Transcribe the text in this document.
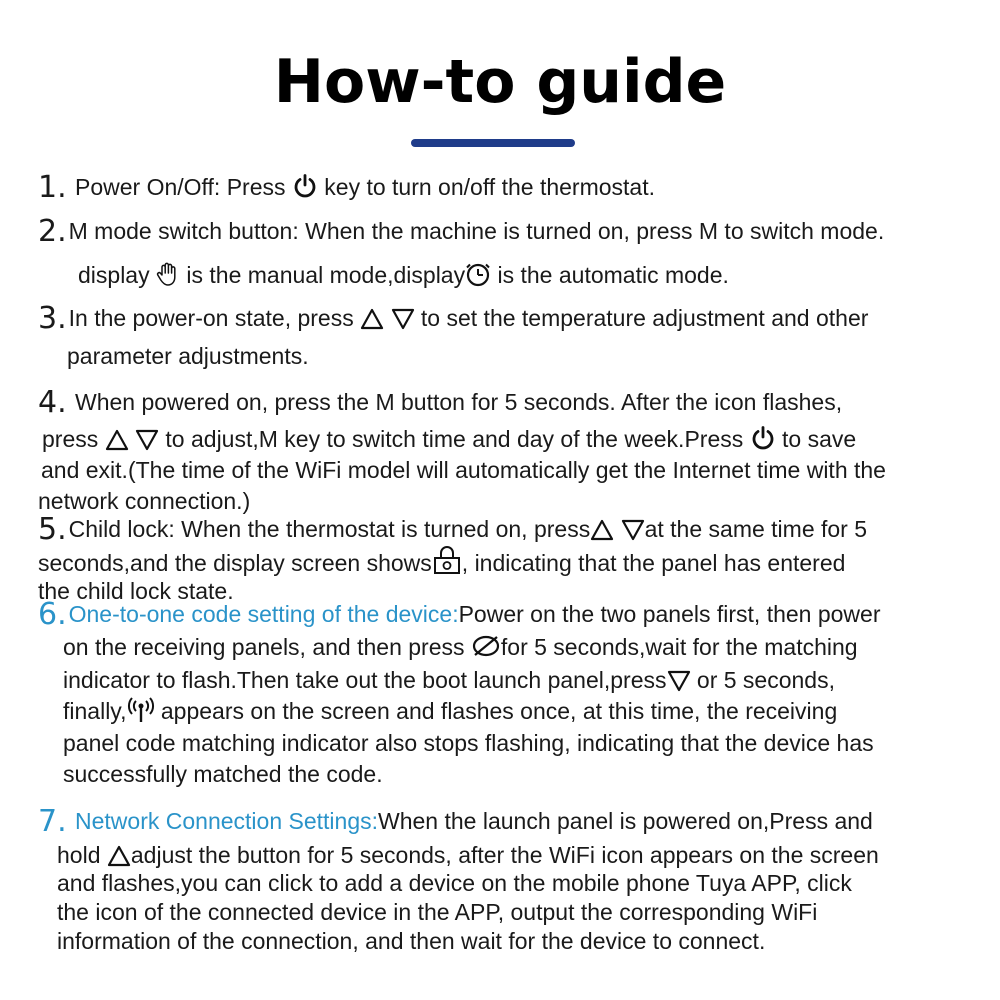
How-to guide
1. Power On/Off: Press key to turn on/off the thermostat.
2.M mode switch button: When the machine is turned on, press M to switch mode.
display is the manual mode,display is the automatic mode.
3.In the power-on state, press
	to set the temperature adjustment and other
parameter adjustments.
4. When powered on, press the M button for 5 seconds. After the icon flashes,
press
	to adjust,M key to switch time and day of the week.Press to save
and exit.(The time of the WiFi model will automatically get the Internet time with the
network connection.)
5.Child lock: When the thermostat is turned on, press
at the same time for 5
seconds,and the display screen shows , indicating that the panel has entered
the child lock state.
6.One-to-one code setting of the device:Power on the two panels first, then power
on the receiving panels, and then press for 5 seconds,wait for the matching
indicator to flash.Then take out the boot launch panel,press or 5 seconds,
finally, appears on the screen and flashes once, at this time, the receiving
panel code matching indicator also stops flashing, indicating that the device has
successfully matched the code.
7. Network Connection Settings:When the launch panel is powered on,Press and
hold adjust the button for 5 seconds, after the WiFi icon appears on the screen
and flashes,you can click to add a device on the mobile phone Tuya APP, click
the icon of the connected device in the APP, output the corresponding WiFi
information of the connection, and then wait for the device to connect.
